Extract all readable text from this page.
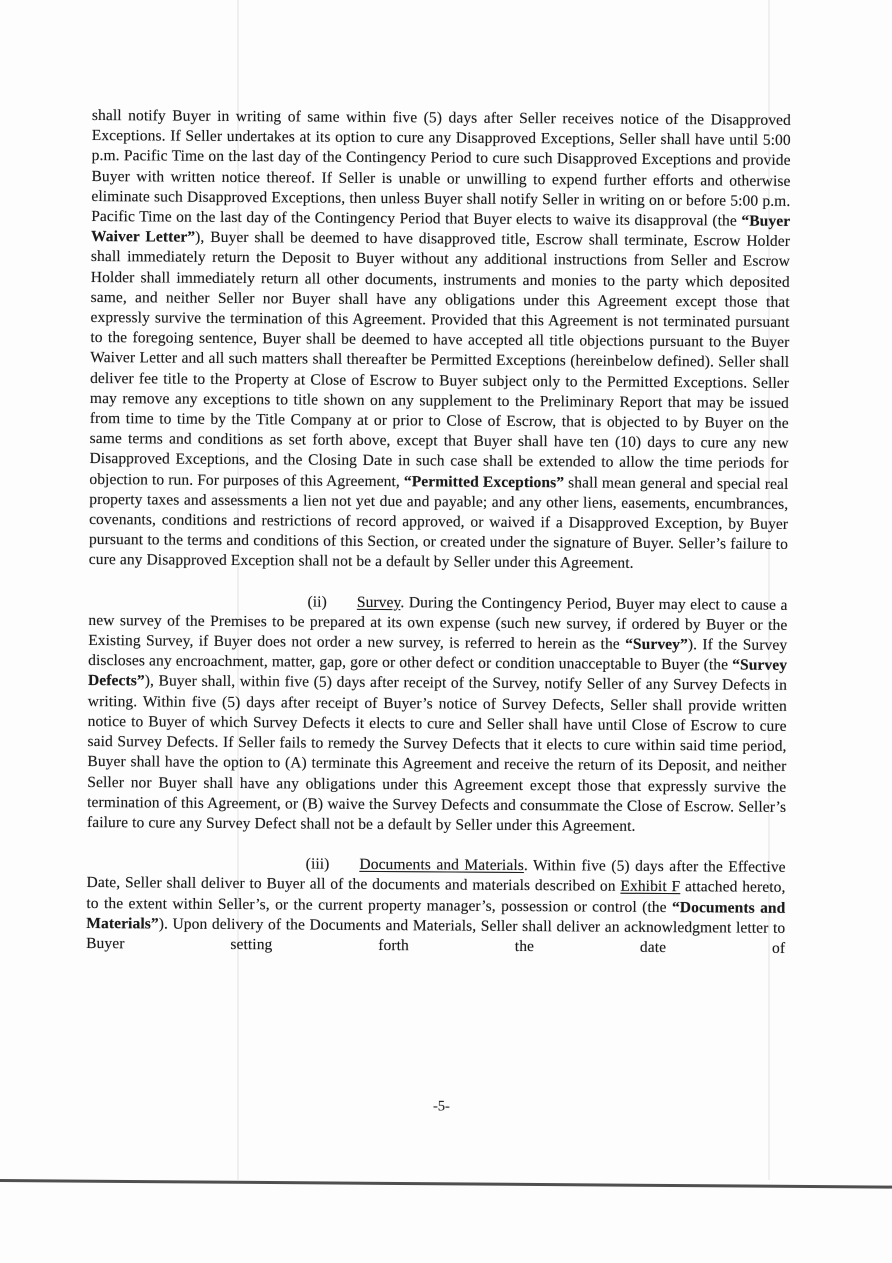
shall notify Buyer in writing of same within five (5) days after Seller receives notice of the Disapproved Exceptions. If Seller undertakes at its option to cure any Disapproved Exceptions, Seller shall have until 5:00 p.m. Pacific Time on the last day of the Contingency Period to cure such Disapproved Exceptions and provide Buyer with written notice thereof. If Seller is unable or unwilling to expend further efforts and otherwise eliminate such Disapproved Exceptions, then unless Buyer shall notify Seller in writing on or before 5:00 p.m. Pacific Time on the last day of the Contingency Period that Buyer elects to waive its disapproval (the “Buyer Waiver Letter”), Buyer shall be deemed to have disapproved title, Escrow shall terminate, Escrow Holder shall immediately return the Deposit to Buyer without any additional instructions from Seller and Escrow Holder shall immediately return all other documents, instruments and monies to the party which deposited same, and neither Seller nor Buyer shall have any obligations under this Agreement except those that expressly survive the termination of this Agreement. Provided that this Agreement is not terminated pursuant to the foregoing sentence, Buyer shall be deemed to have accepted all title objections pursuant to the Buyer Waiver Letter and all such matters shall thereafter be Permitted Exceptions (hereinbelow defined). Seller shall deliver fee title to the Property at Close of Escrow to Buyer subject only to the Permitted Exceptions. Seller may remove any exceptions to title shown on any supplement to the Preliminary Report that may be issued from time to time by the Title Company at or prior to Close of Escrow, that is objected to by Buyer on the same terms and conditions as set forth above, except that Buyer shall have ten (10) days to cure any new Disapproved Exceptions, and the Closing Date in such case shall be extended to allow the time periods for objection to run. For purposes of this Agreement, “Permitted Exceptions” shall mean general and special real property taxes and assessments a lien not yet due and payable; and any other liens, easements, encumbrances, covenants, conditions and restrictions of record approved, or waived if a Disapproved Exception, by Buyer pursuant to the terms and conditions of this Section, or created under the signature of Buyer. Seller’s failure to cure any Disapproved Exception shall not be a default by Seller under this Agreement.

(ii) Survey. During the Contingency Period, Buyer may elect to cause a new survey of the Premises to be prepared at its own expense (such new survey, if ordered by Buyer or the Existing Survey, if Buyer does not order a new survey, is referred to herein as the “Survey”). If the Survey discloses any encroachment, matter, gap, gore or other defect or condition unacceptable to Buyer (the “Survey Defects”), Buyer shall, within five (5) days after receipt of the Survey, notify Seller of any Survey Defects in writing. Within five (5) days after receipt of Buyer’s notice of Survey Defects, Seller shall provide written notice to Buyer of which Survey Defects it elects to cure and Seller shall have until Close of Escrow to cure said Survey Defects. If Seller fails to remedy the Survey Defects that it elects to cure within said time period, Buyer shall have the option to (A) terminate this Agreement and receive the return of its Deposit, and neither Seller nor Buyer shall have any obligations under this Agreement except those that expressly survive the termination of this Agreement, or (B) waive the Survey Defects and consummate the Close of Escrow. Seller’s failure to cure any Survey Defect shall not be a default by Seller under this Agreement.

(iii) Documents and Materials. Within five (5) days after the Effective Date, Seller shall deliver to Buyer all of the documents and materials described on Exhibit F attached hereto, to the extent within Seller’s, or the current property manager’s, possession or control (the “Documents and Materials”). Upon delivery of the Documents and Materials, Seller shall deliver an acknowledgment letter to Buyer setting forth the date of

-5-
